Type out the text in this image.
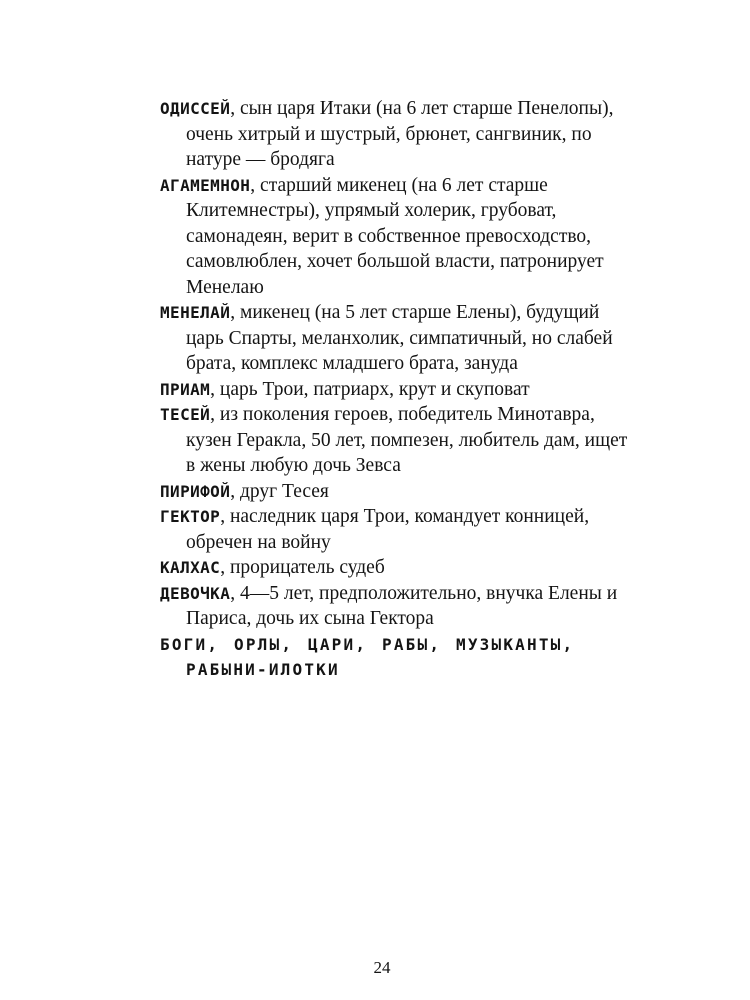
ОДИССЕЙ, сын царя Итаки (на 6 лет старше Пенелопы), очень хитрый и шустрый, брюнет, сангвиник, по натуре — бродяга
АГАМЕМНОН, старший микенец (на 6 лет старше Клитемнестры), упрямый холерик, грубоват, самонадеян, верит в собственное превосходство, самовлюблен, хочет большой власти, патронирует Менелаю
МЕНЕЛАЙ, микенец (на 5 лет старше Елены), будущий царь Спарты, меланхолик, симпатичный, но слабей брата, комплекс младшего брата, зануда
ПРИАМ, царь Трои, патриарх, крут и скуповат
ТЕСЕЙ, из поколения героев, победитель Минотавра, кузен Геракла, 50 лет, помпезен, любитель дам, ищет в жены любую дочь Зевса
ПИРИФОЙ, друг Тесея
ГЕКТОР, наследник царя Трои, командует конницей, обречен на войну
КАЛХАС, прорицатель судеб
ДЕВОЧКА, 4—5 лет, предположительно, внучка Елены и Париса, дочь их сына Гектора
БОГИ, ОРЛЫ, ЦАРИ, РАБЫ, МУЗЫКАНТЫ, РАБЫНИ-ИЛОТКИ
24
